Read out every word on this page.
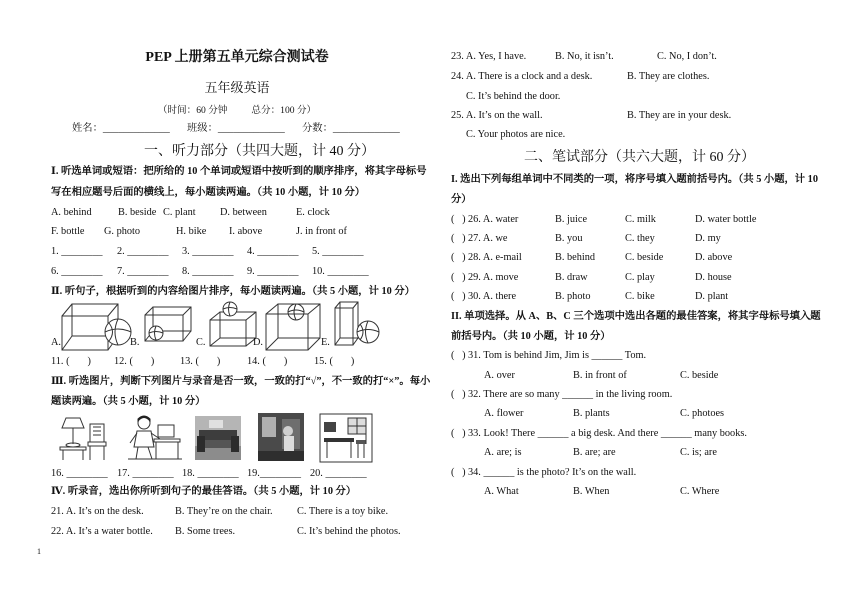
PEP 上册第五单元综合测试卷
五年级英语
（时间：60 分钟          总分：100 分）
姓名：_____________ 班级：_____________ 分数：_____________
一、听力部分（共四大题，计 40 分）
Ⅰ. 听选单词或短语：把所给的 10 个单词或短语中按听到的顺序排序，将其字母标号
写在相应题号后面的横线上，每小题读两遍。（共 10 小题，计 10 分）
A. behind	B. beside C. plant D. between	E. clock
F. bottle G. photo	H. bike I. above	J. in front of
1. ________ 2. ________ 3. ________ 4. ________ 5. ________
6. ________ 7. ________ 8. ________ 9. ________ 10. ________
Ⅱ. 听句子，根据听到的内容给图片排序，每小题读两遍。（共 5 小题，计 10 分）
A.	B.	C.	D.	E.
11. (       ) 12. (       ) 13. (       )	14. (       )	15. (       )
Ⅲ. 听选图片，判断下列图片与录音是否一致，一致的打“√”，不一致的打“×”。每小
题读两遍。（共 5 小题，计 10 分）
16. ________ 17. ________ 18. ________ 19.________ 20. ________
Ⅳ. 听录音，选出你所听到句子的最佳答语。（共 5 小题，计 10 分）
21. A. It’s on the desk.	B. They’re on the chair. C. There is a toy bike.
22. A. It’s a water bottle. B. Some trees.	C. It’s behind the photos.
1
23. A. Yes, I have.	B. No, it isn’t.	C. No, I don’t.
24. A. There is a clock and a desk.	B. They are clothes.
C. It’s behind the door.
25. A. It’s on the wall.	B. They are in your desk.
C. Your photos are nice.
二、笔试部分（共六大题，计 60 分）
I. 选出下列每组单词中不同类的一项，将序号填入题前括号内。（共 5 小题，计 10
分）
(   ) 26. A. water	B. juice	C. milk	D. water bottle
(   ) 27. A. we	B. you	C. they	D. my
(   ) 28. A. e-mail	B. behind	C. beside	D. above
(   ) 29. A. move	B. draw	C. play	D. house
(   ) 30. A. there	B. photo	C. bike	D. plant
II. 单项选择。从 A、B、C 三个选项中选出各题的最佳答案，将其字母标号填入题
前括号内。（共 10 小题，计 10 分）
(   ) 31. Tom is behind Jim, Jim is ______ Tom.
A. over	B. in front of	C. beside
(   ) 32. There are so many ______ in the living room.
A. flower	B. plants	C. photoes
(   ) 33. Look! There ______ a big desk. And there ______ many books.
A. are; is	B. are; are	C. is; are
(   ) 34. ______ is the photo? It’s on the wall.
A. What	B. When	C. Where
